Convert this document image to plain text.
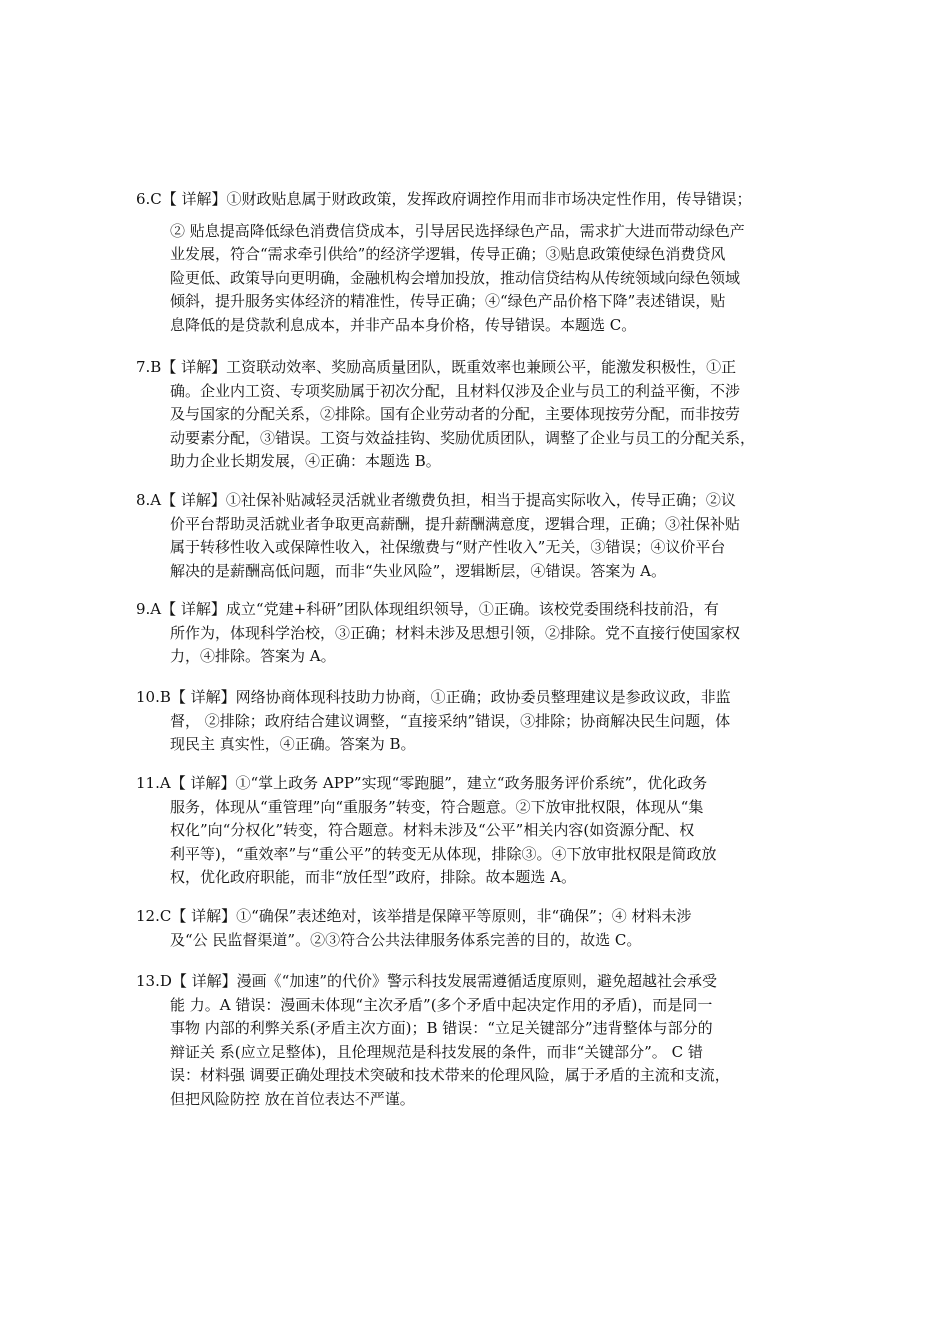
6.C【 详解】①财政贴息属于财政政策，发挥政府调控作用而非市场决定性作用，传导错误；
② 贴息提高降低绿色消费信贷成本，引导居民选择绿色产品，需求扩大进而带动绿色产
业发展，符合“需求牵引供给”的经济学逻辑，传导正确；③贴息政策使绿色消费贷风
险更低、政策导向更明确，金融机构会增加投放，推动信贷结构从传统领域向绿色领域
倾斜，提升服务实体经济的精准性，传导正确；④“绿色产品价格下降”表述错误，贴
息降低的是贷款利息成本，并非产品本身价格，传导错误。本题选 C。
7.B【 详解】工资联动效率、奖励高质量团队，既重效率也兼顾公平，能激发积极性，①正
确。企业内工资、专项奖励属于初次分配，且材料仅涉及企业与员工的利益平衡，不涉
及与国家的分配关系，②排除。国有企业劳动者的分配，主要体现按劳分配，而非按劳
动要素分配，③错误。工资与效益挂钩、奖励优质团队，调整了企业与员工的分配关系，
助力企业长期发展，④正确：本题选 B。
8.A【 详解】①社保补贴减轻灵活就业者缴费负担，相当于提高实际收入，传导正确；②议
价平台帮助灵活就业者争取更高薪酬，提升薪酬满意度，逻辑合理，正确；③社保补贴
属于转移性收入或保障性收入，社保缴费与“财产性收入”无关，③错误；④议价平台
解决的是薪酬高低问题，而非“失业风险”，逻辑断层，④错误。答案为 A。
9.A【 详解】成立“党建+科研”团队体现组织领导，①正确。该校党委围绕科技前沿，有
所作为，体现科学治校，③正确；材料未涉及思想引领，②排除。党不直接行使国家权
力，④排除。答案为 A。
10.B【 详解】网络协商体现科技助力协商，①正确；政协委员整理建议是参政议政，非监
督， ②排除；政府结合建议调整，“直接采纳”错误，③排除；协商解决民生问题，体
现民主 真实性，④正确。答案为 B。
11.A【 详解】①“掌上政务 APP”实现“零跑腿”，建立“政务服务评价系统”，优化政务
服务，体现从“重管理”向“重服务”转变，符合题意。②下放审批权限，体现从“集
权化”向“分权化”转变，符合题意。材料未涉及“公平”相关内容(如资源分配、权
利平等)，“重效率”与“重公平”的转变无从体现，排除③。④下放审批权限是简政放
权，优化政府职能，而非“放任型”政府，排除。故本题选 A。
12.C【 详解】①“确保”表述绝对，该举措是保障平等原则，非“确保”；④ 材料未涉
及“公 民监督渠道”。②③符合公共法律服务体系完善的目的，故选 C。
13.D【 详解】漫画《“加速”的代价》警示科技发展需遵循适度原则，避免超越社会承受
能 力。A 错误：漫画未体现“主次矛盾”(多个矛盾中起决定作用的矛盾)，而是同一
事物 内部的利弊关系(矛盾主次方面)；B 错误：“立足关键部分”违背整体与部分的
辩证关 系(应立足整体)，且伦理规范是科技发展的条件，而非“关键部分”。 C 错
误：材料强 调要正确处理技术突破和技术带来的伦理风险，属于矛盾的主流和支流，
但把风险防控 放在首位表达不严谨。
